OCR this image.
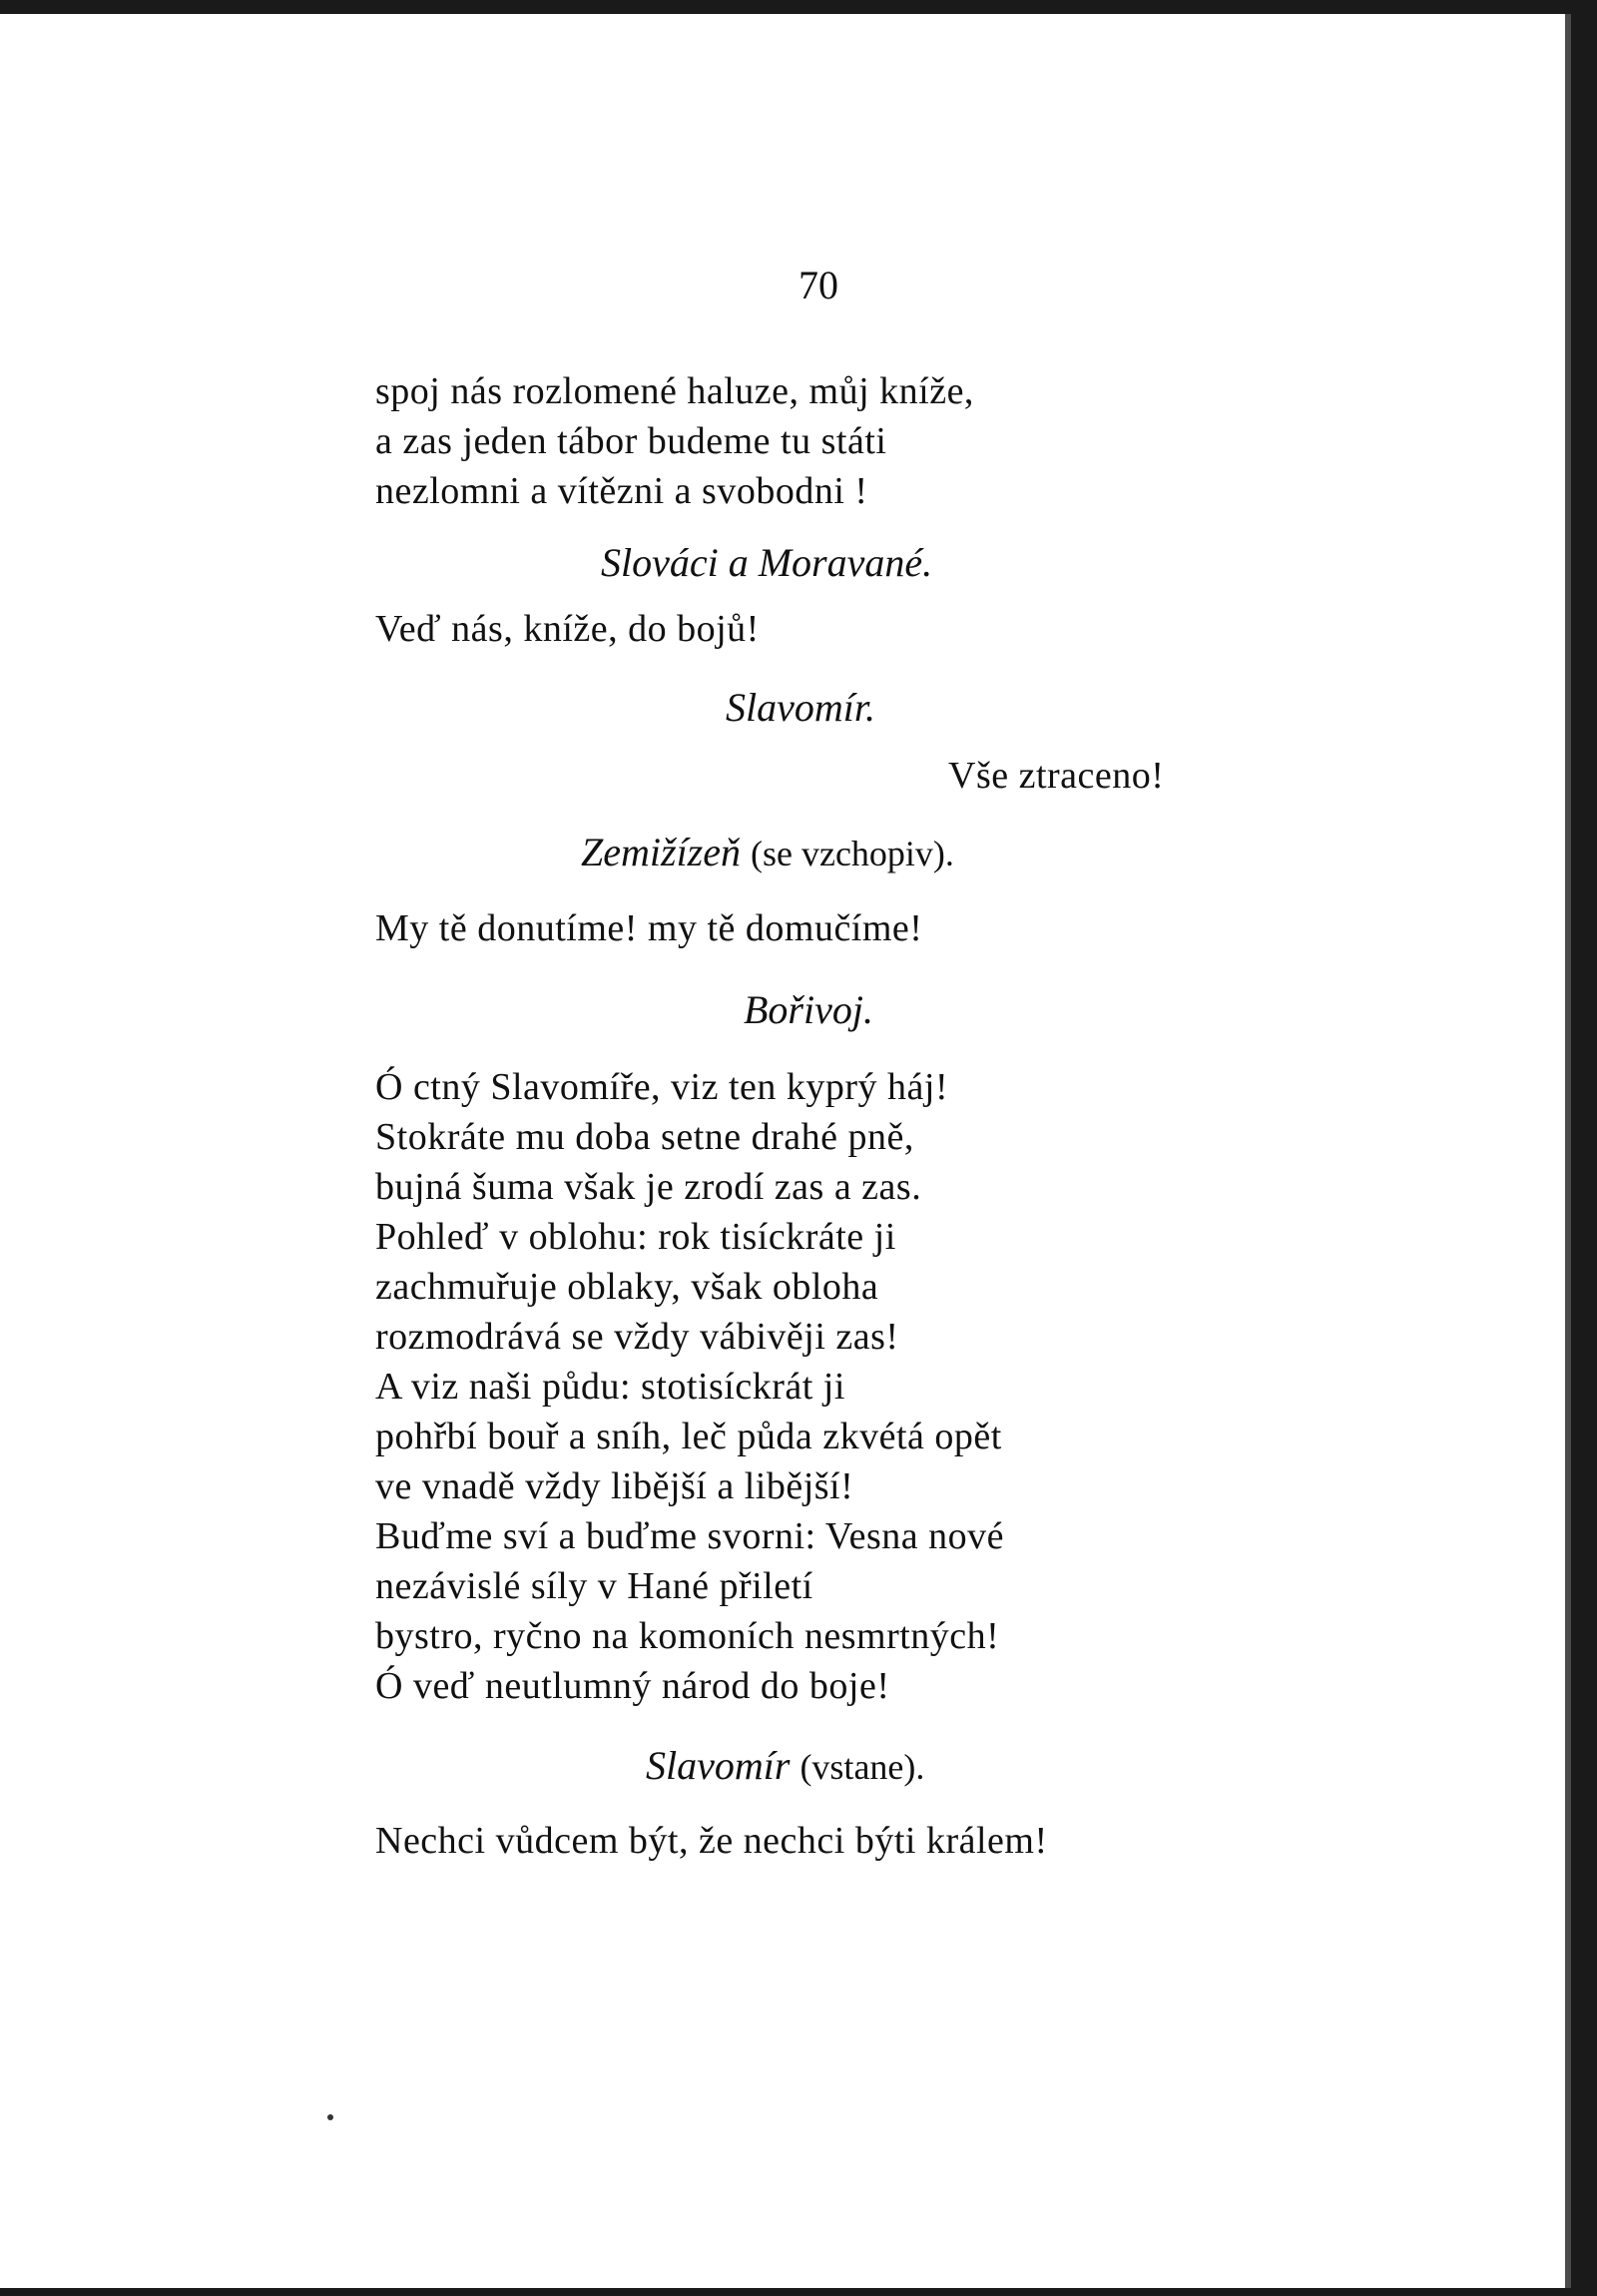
70
spoj nás rozlomené haluze, můj kníže,
a zas jeden tábor budeme tu státi
nezlomni a vítězni a svobodni !
Slováci a Moravané.
Veď nás, kníže, do bojů!
Slavomír.
Vše ztraceno!
Zemižízeň (se vzchopiv).
My tě donutíme! my tě domučíme!
Bořivoj.
Ó ctný Slavomíře, viz ten kyprý háj!
Stokráte mu doba setne drahé pně,
bujná šuma však je zrodí zas a zas.
Pohleď v oblohu: rok tisíckráte ji
zachmuřuje oblaky, však obloha
rozmodrává se vždy vábivěji zas!
A viz naši půdu: stotisíckrát ji
pohřbí bouř a sníh, leč půda zkvétá opět
ve vnadě vždy libější a libější!
Buďme sví a buďme svorni: Vesna nové
nezávislé síly v Hané přiletí
bystro, ryčno na komoních nesmrtných!
Ó veď neutlumný národ do boje!
Slavomír (vstane).
Nechci vůdcem být, že nechci býti králem!
